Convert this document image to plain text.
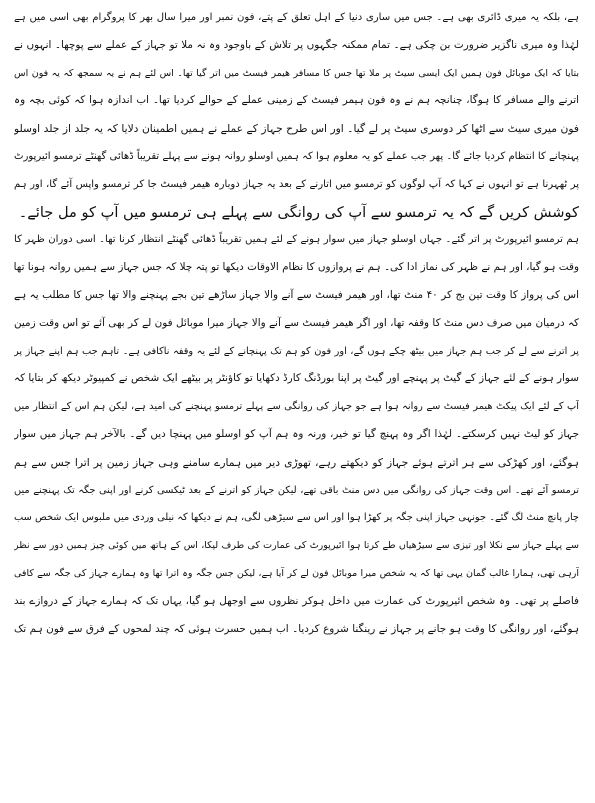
ہے، بلکہ یہ میری ڈائری بھی ہے۔ جس میں ساری دنیا کے اہل تعلق کے پتے، فون نمبر اور میرا سال بھر کا پروگرام بھی اسی میں ہے
لہٰذا وہ میری ناگزیر ضرورت بن چکی ہے۔ تمام ممکنہ جگہوں پر تلاش کے باوجود وہ نہ ملا تو جہاز کے عملے سے پوچھا۔ انہوں نے
بتایا کہ ایک موبائل فون ہمیں ایک ایسی سیٹ پر ملا تھا جس کا مسافر ھیمر فیسٹ میں اتر گیا تھا۔ اس لئے ہم نے یہ سمجھ کہ یہ فون اس
اترنے والے مسافر کا ہوگا، چنانچہ ہم نے وہ فون ہیمر فیسٹ کے زمینی عملے کے حوالے کردیا تھا۔ اب اندازہ ہوا کہ کوئی بچہ وہ
فون میری سیٹ سے اٹھا کر دوسری سیٹ پر لے گیا۔ اور اس طرح جہاز کے عملے نے ہمیں اطمینان دلایا کہ یہ جلد از جلد اوسلو
پہنچانے کا انتظام کردیا جائے گا۔ پھر جب عملے کو یہ معلوم ہوا کہ ہمیں اوسلو روانہ ہونے سے پہلے تقریباً ڈھائی گھنٹے ترمسو ائیرپورٹ
پر ٹھہرنا ہے تو انہوں نے کہا کہ آپ لوگوں کو ترمسو میں اتارنے کے بعد یہ جہاز دوبارہ ھیمر فیسٹ جا کر ترمسو واپس آئے گا، اور ہم
کوشش کریں گے کہ یہ ترمسو سے آپ کی روانگی سے پہلے ہی ترمسو میں آپ کو مل جائے۔
ہم ترمسو ائیرپورٹ پر اتر گئے۔ جہاں اوسلو جہاز میں سوار ہونے کے لئے ہمیں تقریباً ڈھائی گھنٹے انتظار کرنا تھا۔ اسی دوران ظہر کا
وقت ہو گیا، اور ہم نے ظہر کی نماز ادا کی۔ ہم نے پروازوں کا نظام الاوقات دیکھا تو پتہ چلا کہ جس جہاز سے ہمیں روانہ ہونا تھا
اس کی پرواز کا وقت تین بج کر ۴۰ منٹ تھا، اور ھیمر فیسٹ سے آنے والا جہاز ساڑھے تین بجے پہنچنے والا تھا جس کا مطلب یہ ہے
کہ درمیان میں صرف دس منٹ کا وقفہ تھا، اور اگر ھیمر فیسٹ سے آنے والا جہاز میرا موبائل فون لے کر بھی آئے تو اس وقت زمین
پر اترنے سے لے کر جب ہم جہاز میں بیٹھ چکے ہوں گے، اور فون کو ہم تک پہنچانے کے لئے یہ وقفہ ناکافی ہے۔ تاہم جب ہم اپنے جہاز پر
سوار ہونے کے لئے جہاز کے گیٹ پر پہنچے اور گیٹ پر اپنا بورڈنگ کارڈ دکھایا تو کاؤنٹر پر بیٹھے ایک شخص نے کمپیوٹر دیکھ کر بتایا کہ
آپ کے لئے ایک پیکٹ ھیمر فیسٹ سے روانہ ہوا ہے جو جہاز کی روانگی سے پہلے ترمسو پہنچنے کی امید ہے، لیکن ہم اس کے انتظار میں
جہاز کو لیٹ نہیں کرسکتے۔ لہٰذا اگر وہ پہنچ گیا تو خیر، ورنہ وہ ہم آپ کو اوسلو میں پہنچا دیں گے۔ بالآخر ہم جہاز میں سوار
ہوگئے، اور کھڑکی سے ہر اترتے ہوئے جہاز کو دیکھتے رہے، تھوڑی دیر میں ہمارے سامنے وہی جہاز زمین پر اترا جس سے ہم
ترمسو آئے تھے۔ اس وقت جہاز کی روانگی میں دس منٹ باقی تھے، لیکن جہاز کو اترنے کے بعد ٹیکسی کرنے اور اپنی جگہ تک پہنچنے میں
چار پانچ منٹ لگ گئے۔ جونہی جہاز اپنی جگہ پر کھڑا ہوا اور اس سے سیڑھی لگی، ہم نے دیکھا کہ نیلی وردی میں ملبوس ایک شخص سب
سے پہلے جہاز سے نکلا اور تیزی سے سیڑھیاں طے کرتا ہوا ائیرپورٹ کی عمارت کی طرف لپکا، اس کے ہاتھ میں کوئی چیز ہمیں دور سے نظر
آرہی تھی، ہمارا غالب گمان یہی تھا کہ یہ شخص میرا موبائل فون لے کر آیا ہے، لیکن جس جگہ وہ اترا تھا وہ ہمارے جہاز کی جگہ سے کافی
فاصلے پر تھی۔ وہ شخص ائیرپورٹ کی عمارت میں داخل ہوکر نظروں سے اوجھل ہو گیا، یہاں تک کہ ہمارے جہاز کے دروازے بند
ہوگئے، اور روانگی کا وقت ہو جانے پر جہاز نے رینگنا شروع کردیا۔ اب ہمیں حسرت ہوئی کہ چند لمحوں کے فرق سے فون ہم تک
